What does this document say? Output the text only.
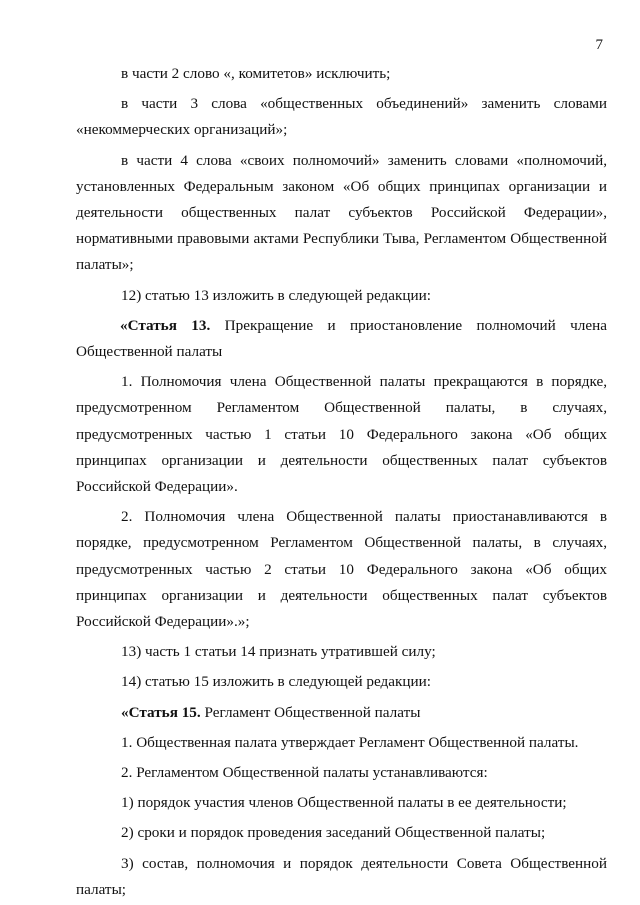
7

в части 2 слово «, комитетов» исключить;

в части 3 слова «общественных объединений» заменить словами «некоммерческих организаций»;

в части 4 слова «своих полномочий» заменить словами «полномочий, установленных Федеральным законом «Об общих принципах организации и деятельности общественных палат субъектов Российской Федерации», нормативными правовыми актами Республики Тыва, Регламентом Общественной палаты»;

12) статью 13 изложить в следующей редакции:

«Статья 13. Прекращение и приостановление полномочий члена Общественной палаты

1. Полномочия члена Общественной палаты прекращаются в порядке, предусмотренном Регламентом Общественной палаты, в случаях, предусмотренных частью 1 статьи 10 Федерального закона «Об общих принципах организации и деятельности общественных палат субъектов Российской Федерации».

2. Полномочия члена Общественной палаты приостанавливаются в порядке, предусмотренном Регламентом Общественной палаты, в случаях, предусмотренных частью 2 статьи 10 Федерального закона «Об общих принципах организации и деятельности общественных палат субъектов Российской Федерации».»;

13) часть 1 статьи 14 признать утратившей силу;

14) статью 15 изложить в следующей редакции:

«Статья 15. Регламент Общественной палаты

1. Общественная палата утверждает Регламент Общественной палаты.

2. Регламентом Общественной палаты устанавливаются:

1) порядок участия членов Общественной палаты в ее деятельности;

2) сроки и порядок проведения заседаний Общественной палаты;

3) состав, полномочия и порядок деятельности Совета Общественной палаты;
